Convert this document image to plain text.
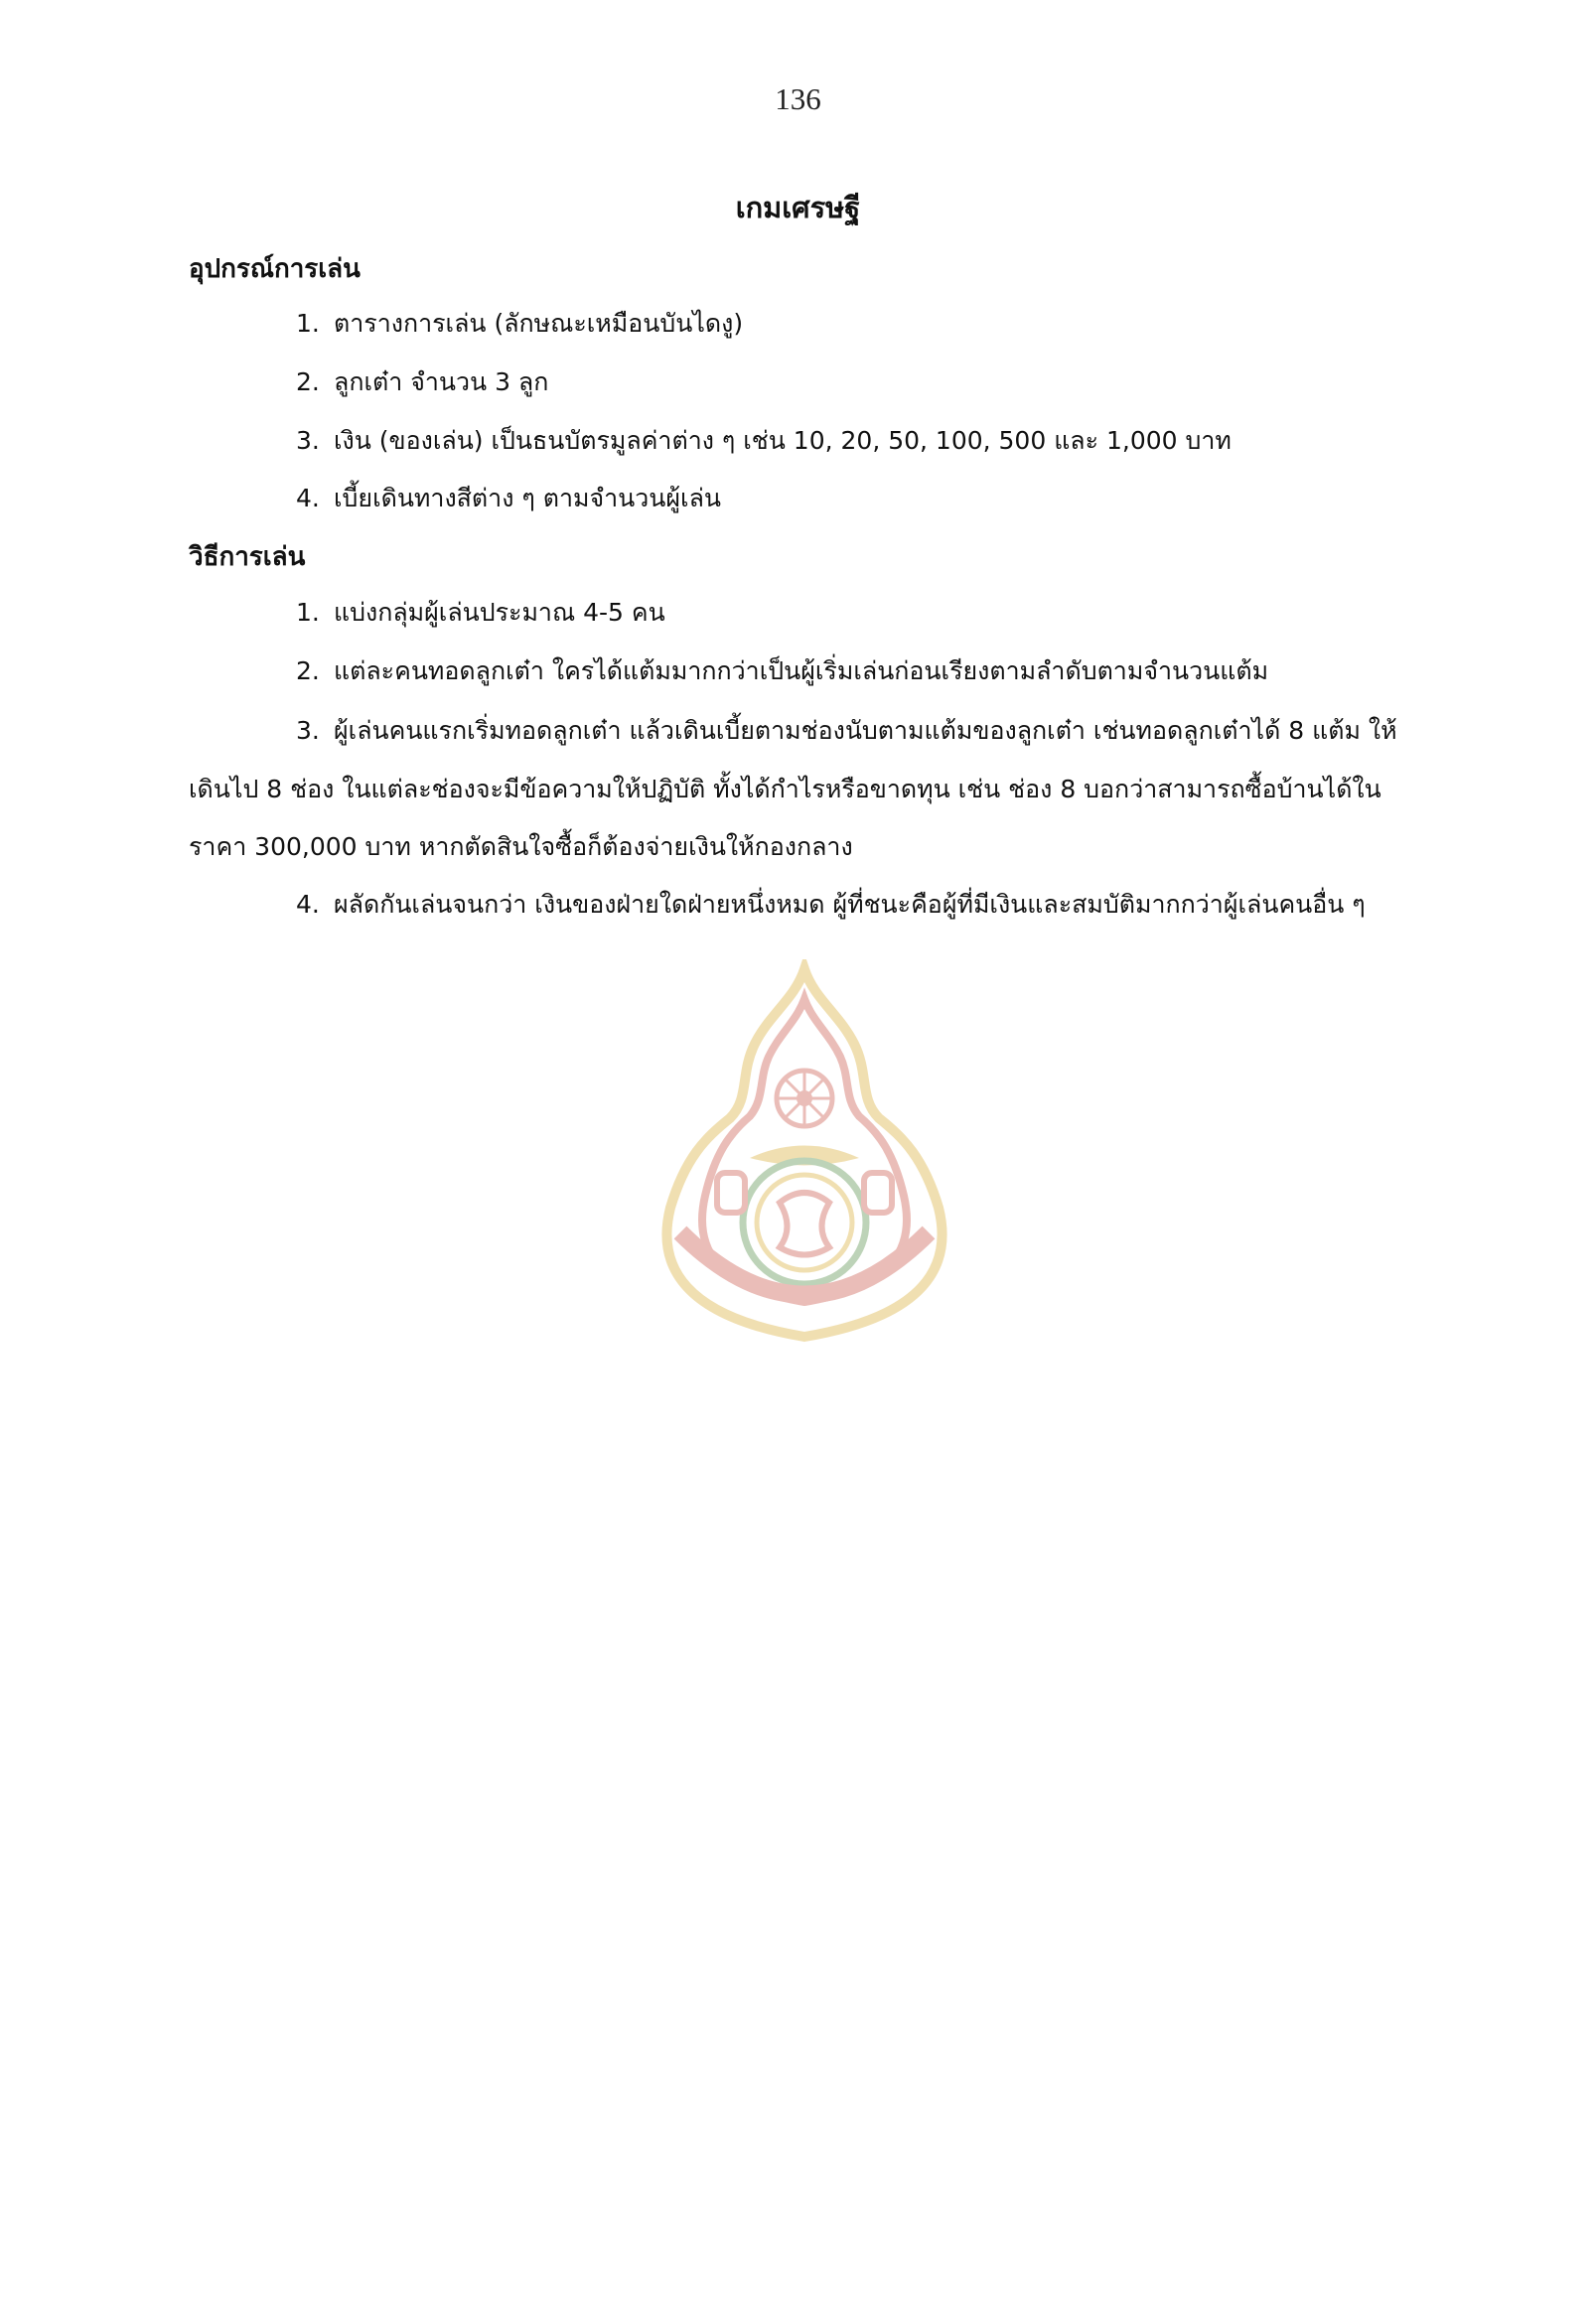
136
เกมเศรษฐี
อุปกรณ์การเล่น
1. ตารางการเล่น (ลักษณะเหมือนบันไดงู)
2. ลูกเต๋า จำนวน 3 ลูก
3. เงิน (ของเล่น) เป็นธนบัตรมูลค่าต่าง ๆ เช่น 10, 20, 50, 100, 500 และ 1,000 บาท
4. เบี้ยเดินทางสีต่าง ๆ ตามจำนวนผู้เล่น
วิธีการเล่น
1. แบ่งกลุ่มผู้เล่นประมาณ 4-5 คน
2. แต่ละคนทอดลูกเต๋า ใครได้แต้มมากกว่าเป็นผู้เริ่มเล่นก่อนเรียงตามลำดับตามจำนวนแต้ม
3. ผู้เล่นคนแรกเริ่มทอดลูกเต๋า แล้วเดินเบี้ยตามช่องนับตามแต้มของลูกเต๋า เช่นทอดลูกเต๋าได้ 8 แต้ม ให้
เดินไป 8 ช่อง ในแต่ละช่องจะมีข้อความให้ปฏิบัติ ทั้งได้กำไรหรือขาดทุน เช่น ช่อง 8 บอกว่าสามารถซื้อบ้านได้ใน
ราคา 300,000 บาท หากตัดสินใจซื้อก็ต้องจ่ายเงินให้กองกลาง
4. ผลัดกันเล่นจนกว่า เงินของฝ่ายใดฝ่ายหนึ่งหมด ผู้ที่ชนะคือผู้ที่มีเงินและสมบัติมากกว่าผู้เล่นคนอื่น ๆ
